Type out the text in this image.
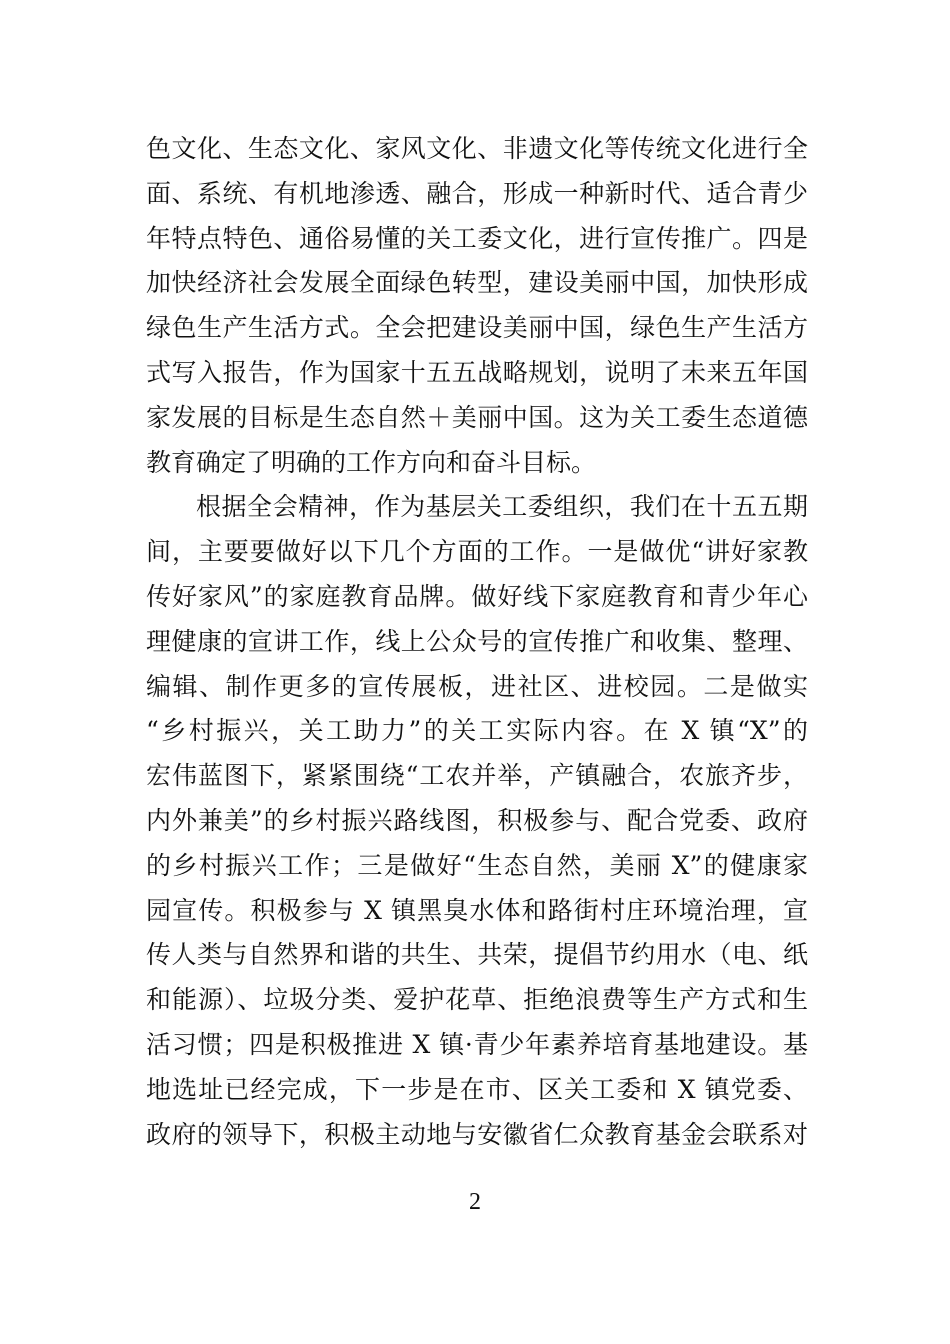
色文化、生态文化、家风文化、非遗文化等传统文化进行全
面、系统、有机地渗透、融合，形成一种新时代、适合青少
年特点特色、通俗易懂的关工委文化，进行宣传推广。四是
加快经济社会发展全面绿色转型，建设美丽中国，加快形成
绿色生产生活方式。全会把建设美丽中国，绿色生产生活方
式写入报告，作为国家十五五战略规划，说明了未来五年国
家发展的目标是生态自然＋美丽中国。这为关工委生态道德
教育确定了明确的工作方向和奋斗目标。
根据全会精神，作为基层关工委组织，我们在十五五期
间，主要要做好以下几个方面的工作。一是做优“讲好家教
传好家风”的家庭教育品牌。做好线下家庭教育和青少年心
理健康的宣讲工作，线上公众号的宣传推广和收集、整理、
编辑、制作更多的宣传展板，进社区、进校园。二是做实
“乡村振兴，关工助力”的关工实际内容。在 X 镇“X”的
宏伟蓝图下，紧紧围绕“工农并举，产镇融合，农旅齐步，
内外兼美”的乡村振兴路线图，积极参与、配合党委、政府
的乡村振兴工作；三是做好“生态自然，美丽 X”的健康家
园宣传。积极参与 X 镇黑臭水体和路街村庄环境治理，宣
传人类与自然界和谐的共生、共荣，提倡节约用水（电、纸
和能源）、垃圾分类、爱护花草、拒绝浪费等生产方式和生
活习惯；四是积极推进 X 镇·青少年素养培育基地建设。基
地选址已经完成，下一步是在市、区关工委和 X 镇党委、
政府的领导下，积极主动地与安徽省仁众教育基金会联系对
2
